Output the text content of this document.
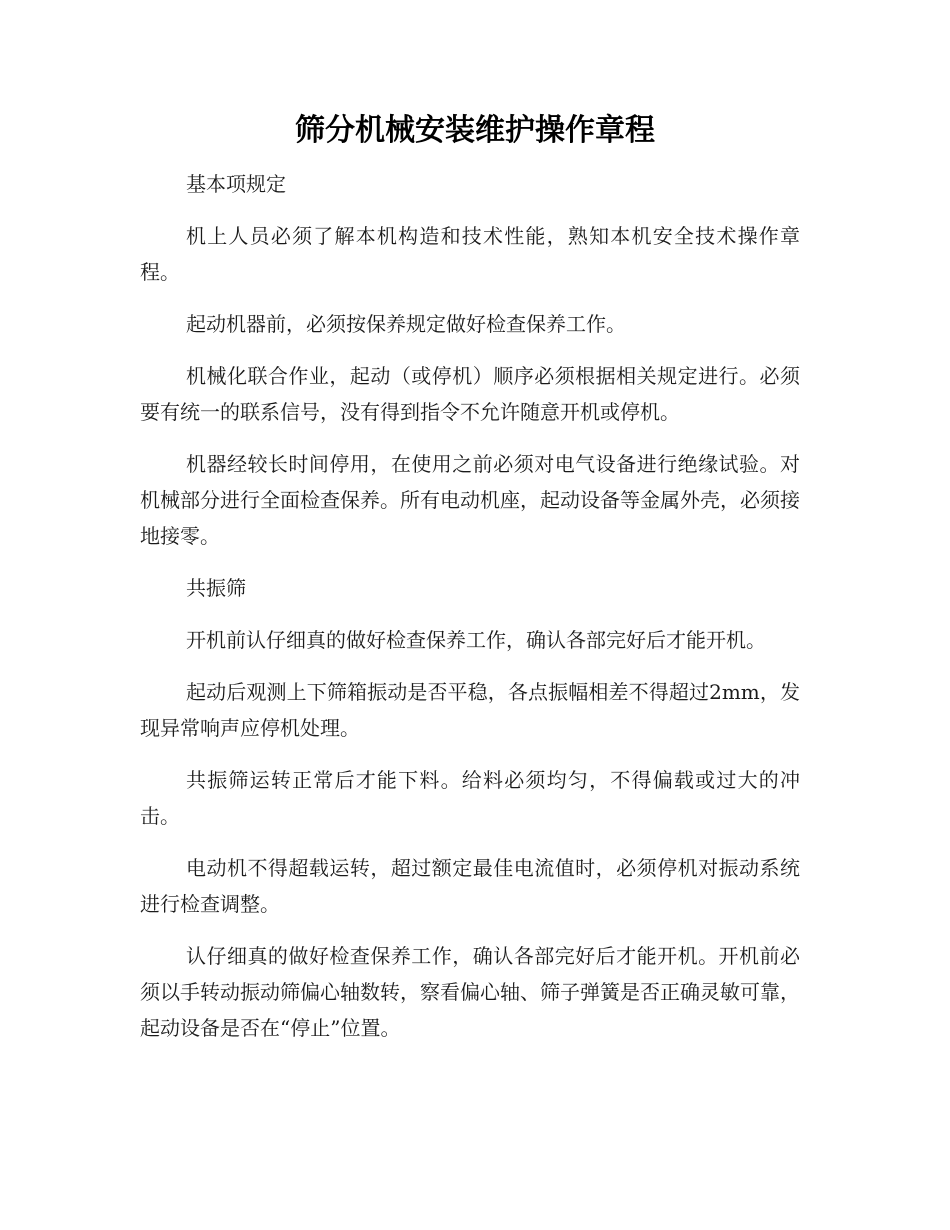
筛分机械安装维护操作章程

基本项规定

机上人员必须了解本机构造和技术性能，熟知本机安全技术操作章程。

起动机器前，必须按保养规定做好检查保养工作。

机械化联合作业，起动（或停机）顺序必须根据相关规定进行。必须要有统一的联系信号，没有得到指令不允许随意开机或停机。

机器经较长时间停用，在使用之前必须对电气设备进行绝缘试验。对机械部分进行全面检查保养。所有电动机座，起动设备等金属外壳，必须接地接零。

共振筛

开机前认仔细真的做好检查保养工作，确认各部完好后才能开机。

起动后观测上下筛箱振动是否平稳，各点振幅相差不得超过2mm，发现异常响声应停机处理。

共振筛运转正常后才能下料。给料必须均匀，不得偏载或过大的冲击。

电动机不得超载运转，超过额定最佳电流值时，必须停机对振动系统进行检查调整。

认仔细真的做好检查保养工作，确认各部完好后才能开机。开机前必须以手转动振动筛偏心轴数转，察看偏心轴、筛子弹簧是否正确灵敏可靠，起动设备是否在“停止”位置。
